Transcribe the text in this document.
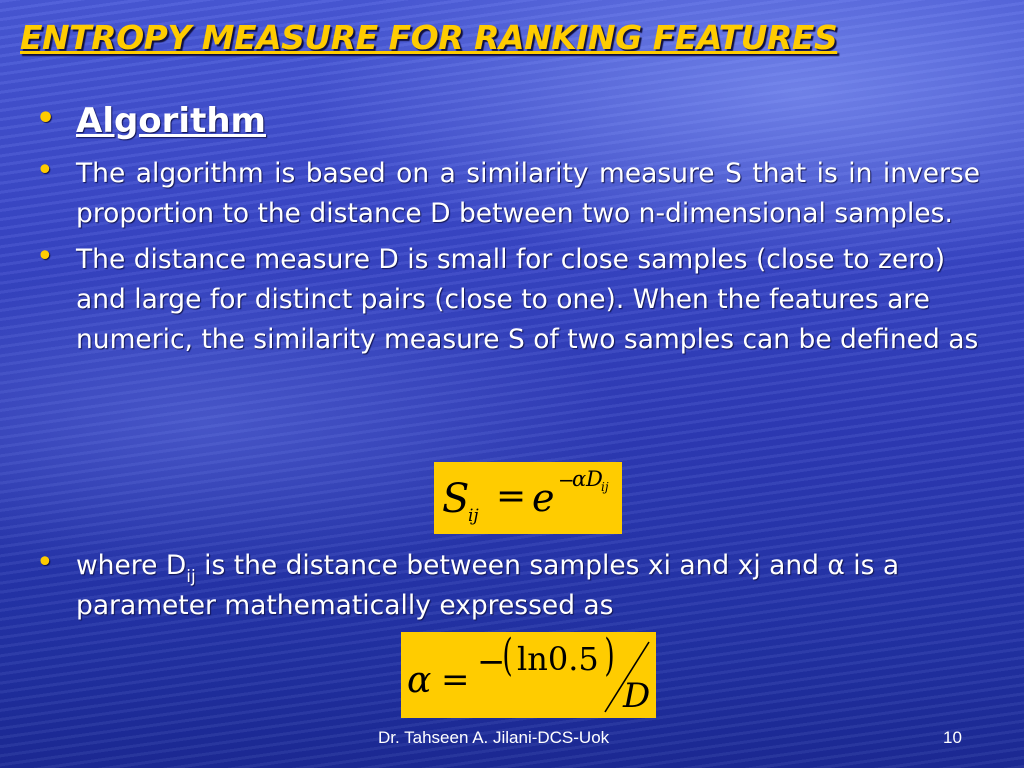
ENTROPY MEASURE FOR RANKING FEATURES
• Algorithm
• The algorithm is based on a similarity measure S that is in inverse proportion to the distance D between two n-dimensional samples.
• The distance measure D is small for close samples (close to zero) and large for distinct pairs (close to one). When the features are numeric, the similarity measure S of two samples can be defined as
S
ij = e −
α D
ij
• where $D_{ij}$ is the distance between samples xi and xj and α is a parameter mathematically expressed as
α = −
( ln0.5 )
D
Dr. Tahseen A. Jilani-DCS-Uok	10
